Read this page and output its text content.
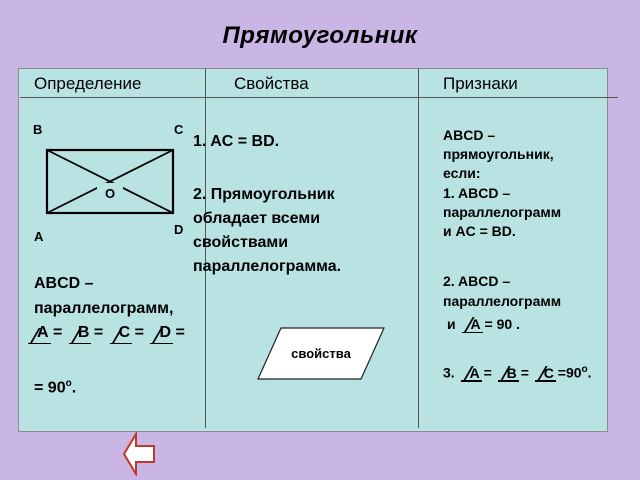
Прямоугольник
Определение	Свойства	Признаки
B	C
A	D
O
ABCD –
параллелограмм,
A = B = C = D =
= $90^o$.
1. AC = BD.
2. Прямоугольник
обладает всеми
свойствами
параллелограмма.
свойства
ABCD –
прямоугольник,
если:
1. ABCD –
параллелограмм
и AC = BD.
2. ABCD –
параллелограмм
и A = 90 .
3. $A = B = C =90^o$.
